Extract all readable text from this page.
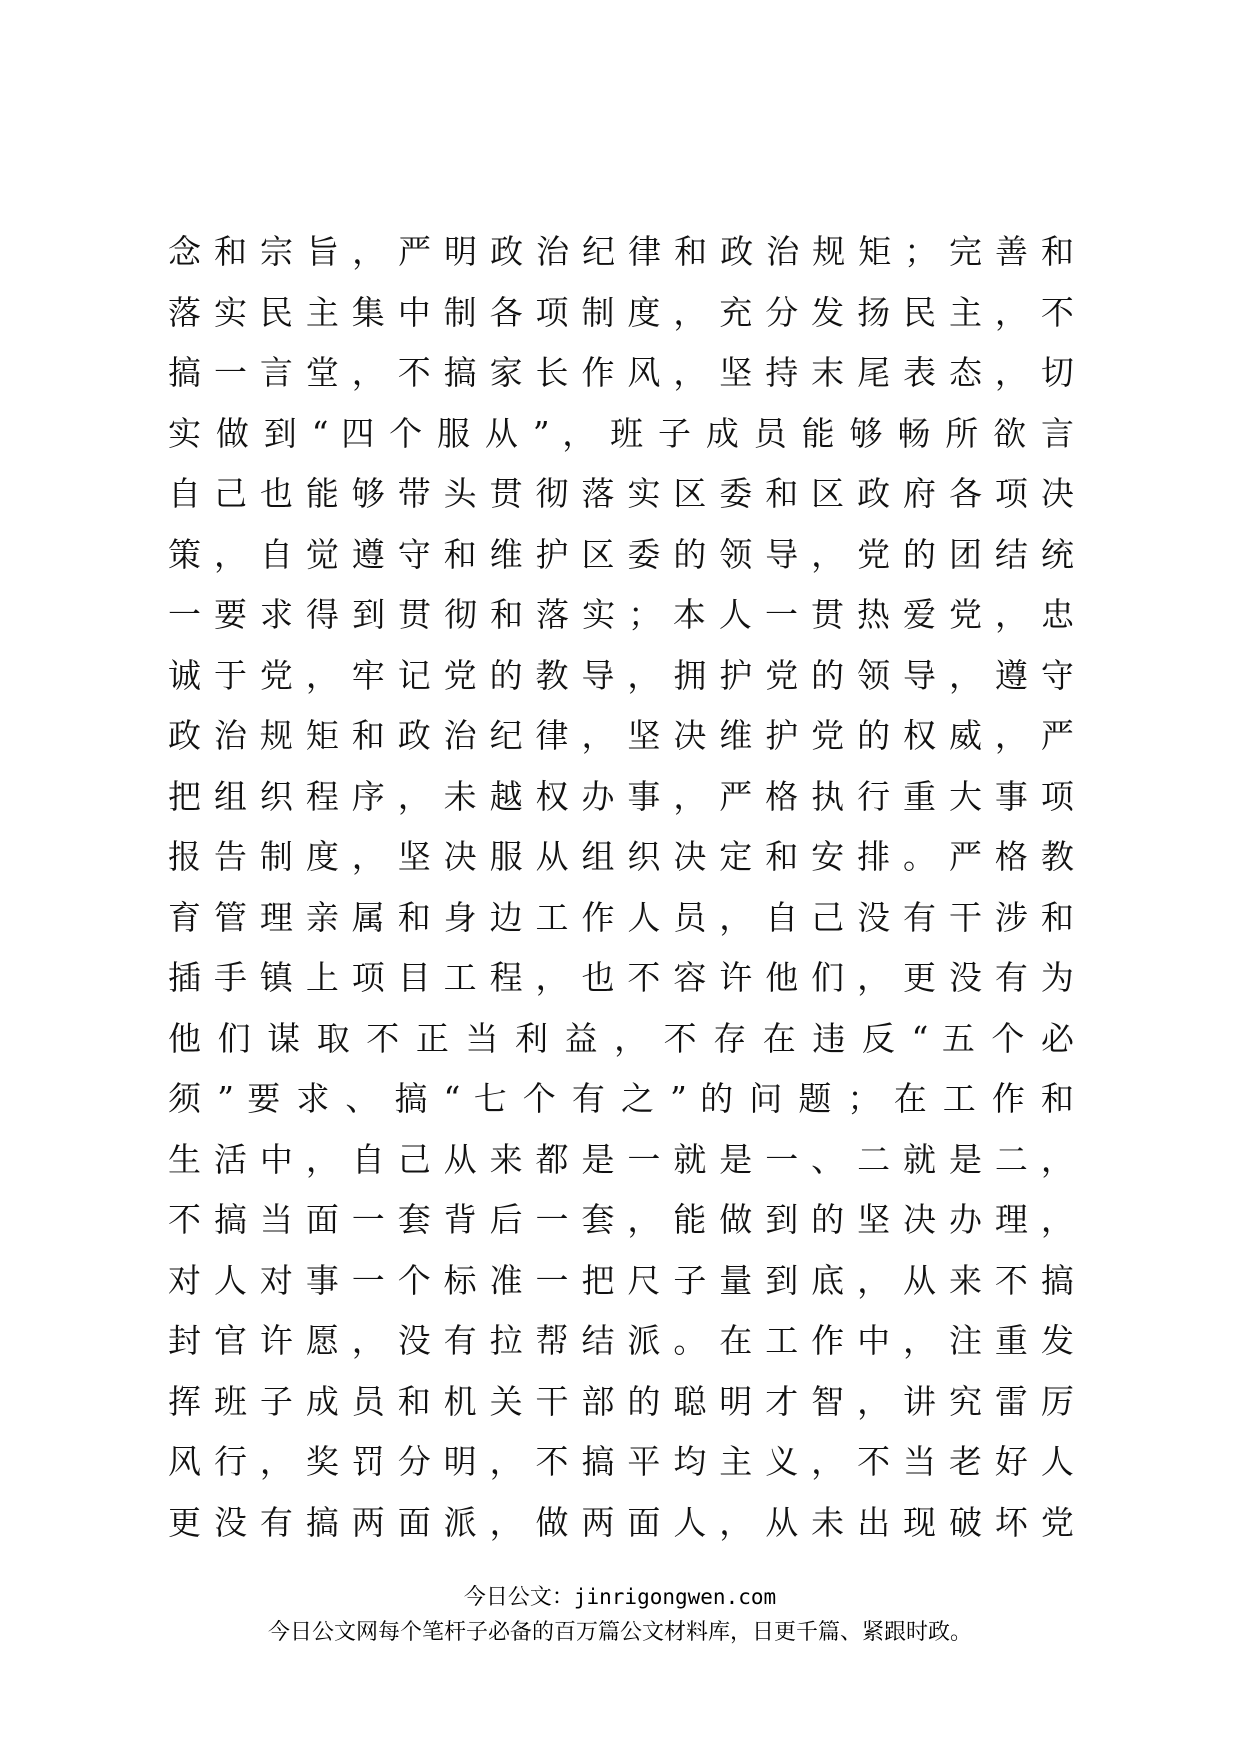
念 和 宗 旨 ， 严 明 政 治 纪 律 和 政 治 规 矩 ； 完 善 和
落 实 民 主 集 中 制 各 项 制 度 ， 充 分 发 扬 民 主 ， 不
搞 一 言 堂 ， 不 搞 家 长 作 风 ， 坚 持 末 尾 表 态 ， 切
实 做 到 “ 四 个 服 从 ” ， 班 子 成 员 能 够 畅 所 欲 言
自 己 也 能 够 带 头 贯 彻 落 实 区 委 和 区 政 府 各 项 决
策 ， 自 觉 遵 守 和 维 护 区 委 的 领 导 ， 党 的 团 结 统
一 要 求 得 到 贯 彻 和 落 实 ； 本 人 一 贯 热 爱 党 ， 忠
诚 于 党 ， 牢 记 党 的 教 导 ， 拥 护 党 的 领 导 ， 遵 守
政 治 规 矩 和 政 治 纪 律 ， 坚 决 维 护 党 的 权 威 ， 严
把 组 织 程 序 ， 未 越 权 办 事 ， 严 格 执 行 重 大 事 项
报 告 制 度 ， 坚 决 服 从 组 织 决 定 和 安 排 。 严 格 教
育 管 理 亲 属 和 身 边 工 作 人 员 ， 自 己 没 有 干 涉 和
插 手 镇 上 项 目 工 程 ， 也 不 容 许 他 们 ， 更 没 有 为
他 们 谋 取 不 正 当 利 益 ， 不 存 在 违 反 “ 五 个 必
须 ” 要 求 、 搞 “ 七 个 有 之 ” 的 问 题 ； 在 工 作 和
生 活 中 ， 自 己 从 来 都 是 一 就 是 一 、 二 就 是 二 ，
不 搞 当 面 一 套 背 后 一 套 ， 能 做 到 的 坚 决 办 理 ，
对 人 对 事 一 个 标 准 一 把 尺 子 量 到 底 ， 从 来 不 搞
封 官 许 愿 ， 没 有 拉 帮 结 派 。 在 工 作 中 ， 注 重 发
挥 班 子 成 员 和 机 关 干 部 的 聪 明 才 智 ， 讲 究 雷 厉
风 行 ， 奖 罚 分 明 ， 不 搞 平 均 主 义 ， 不 当 老 好 人
更 没 有 搞 两 面 派 ， 做 两 面 人 ， 从 未 出 现 破 坏 党
今日公文：jinrigongwen.com
今日公文网每个笔杆子必备的百万篇公文材料库，日更千篇、紧跟时政。
